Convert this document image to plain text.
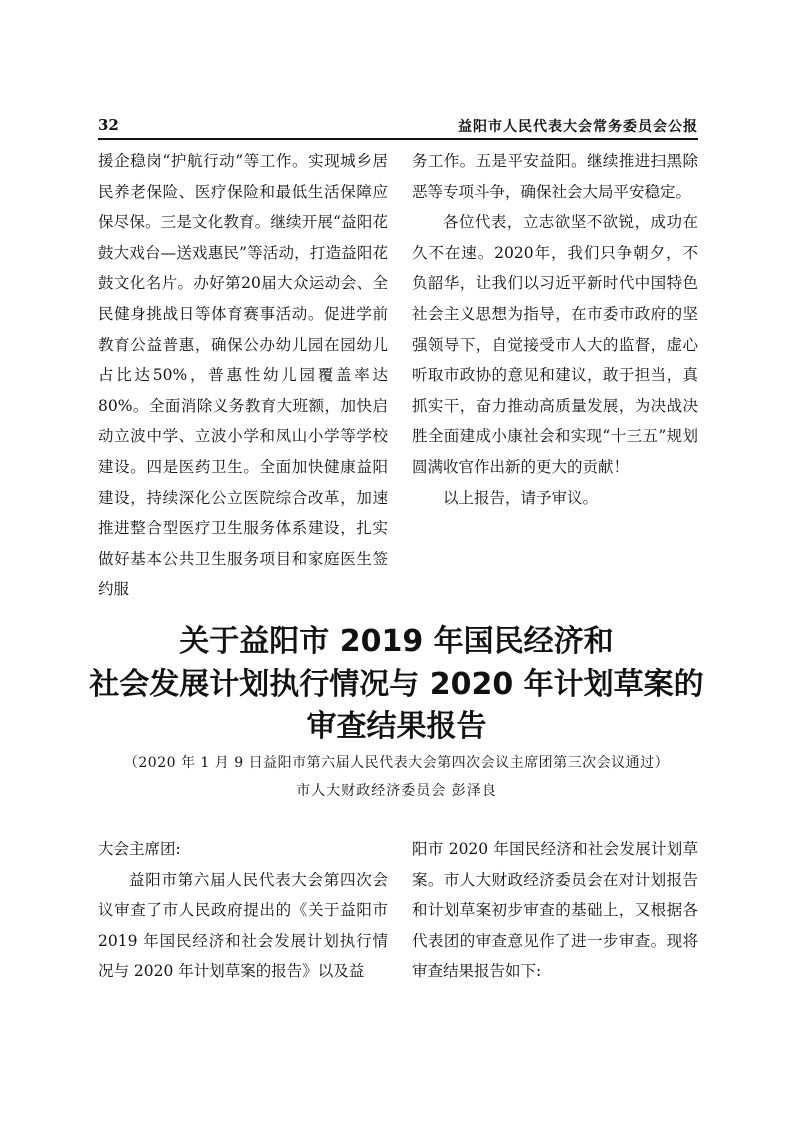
32	益阳市人民代表大会常务委员会公报

援企稳岗“护航行动”等工作。实现城乡居民养老保险、医疗保险和最低生活保障应保尽保。三是文化教育。继续开展“益阳花鼓大戏台—送戏惠民”等活动，打造益阳花鼓文化名片。办好第20届大众运动会、全民健身挑战日等体育赛事活动。促进学前教育公益普惠，确保公办幼儿园在园幼儿占比达50%，普惠性幼儿园覆盖率达80%。全面消除义务教育大班额，加快启动立波中学、立波小学和凤山小学等学校建设。四是医药卫生。全面加快健康益阳建设，持续深化公立医院综合改革，加速推进整合型医疗卫生服务体系建设，扎实做好基本公共卫生服务项目和家庭医生签约服

务工作。五是平安益阳。继续推进扫黑除恶等专项斗争，确保社会大局平安稳定。

各位代表，立志欲坚不欲锐，成功在久不在速。2020年，我们只争朝夕，不负韶华，让我们以习近平新时代中国特色社会主义思想为指导，在市委市政府的坚强领导下，自觉接受市人大的监督，虚心听取市政协的意见和建议，敢于担当，真抓实干，奋力推动高质量发展，为决战决胜全面建成小康社会和实现“十三五”规划圆满收官作出新的更大的贡献！

以上报告，请予审议。

关于益阳市 2019 年国民经济和
社会发展计划执行情况与 2020 年计划草案的
审查结果报告
（2020 年 1 月 9 日益阳市第六届人民代表大会第四次会议主席团第三次会议通过）
市人大财政经济委员会 彭泽良

大会主席团:

益阳市第六届人民代表大会第四次会议审查了市人民政府提出的《关于益阳市 2019 年国民经济和社会发展计划执行情况与 2020 年计划草案的报告》以及益

阳市 2020 年国民经济和社会发展计划草案。市人大财政经济委员会在对计划报告和计划草案初步审查的基础上，又根据各代表团的审查意见作了进一步审查。现将审查结果报告如下:
